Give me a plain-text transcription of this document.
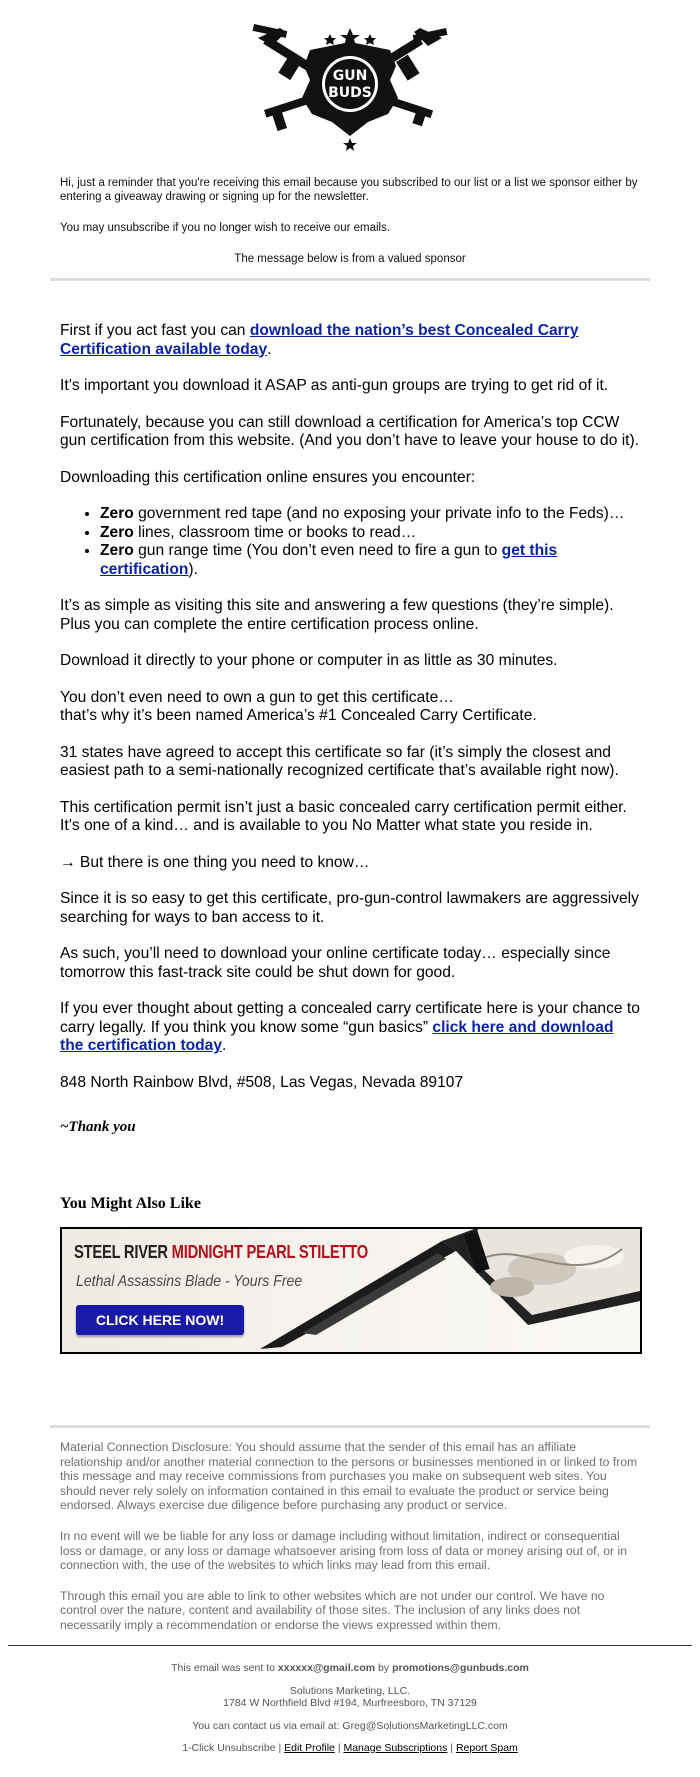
GUN
BUDS

Hi, just a reminder that you're receiving this email because you subscribed to our list or a list we sponsor either by entering a giveaway drawing or signing up for the newsletter.

You may unsubscribe if you no longer wish to receive our emails.

The message below is from a valued sponsor

First if you act fast you can download the nation’s best Concealed Carry Certification available today.

It’s important you download it ASAP as anti-gun groups are trying to get rid of it.

Fortunately, because you can still download a certification for America’s top CCW gun certification from this website. (And you don’t have to leave your house to do it).

Downloading this certification online ensures you encounter:

• Zero government red tape (and no exposing your private info to the Feds)…
• Zero lines, classroom time or books to read…
• Zero gun range time (You don’t even need to fire a gun to get this certification).

It’s as simple as visiting this site and answering a few questions (they’re simple). Plus you can complete the entire certification process online.

Download it directly to your phone or computer in as little as 30 minutes.

You don’t even need to own a gun to get this certificate…
that’s why it’s been named America’s #1 Concealed Carry Certificate.

31 states have agreed to accept this certificate so far (it’s simply the closest and easiest path to a semi-nationally recognized certificate that’s available right now).

This certification permit isn’t just a basic concealed carry certification permit either. It’s one of a kind… and is available to you No Matter what state you reside in.

→ But there is one thing you need to know…

Since it is so easy to get this certificate, pro-gun-control lawmakers are aggressively searching for ways to ban access to it.

As such, you’ll need to download your online certificate today… especially since tomorrow this fast-track site could be shut down for good.

If you ever thought about getting a concealed carry certificate here is your chance to carry legally. If you think you know some “gun basics” click here and download the certification today.

848 North Rainbow Blvd, #508, Las Vegas, Nevada 89107

~Thank you

You Might Also Like

STEEL RIVER MIDNIGHT PEARL STILETTO
Lethal Assassins Blade - Yours Free
CLICK HERE NOW!

Material Connection Disclosure: You should assume that the sender of this email has an affiliate relationship and/or another material connection to the persons or businesses mentioned in or linked to from this message and may receive commissions from purchases you make on subsequent web sites. You should never rely solely on information contained in this email to evaluate the product or service being endorsed. Always exercise due diligence before purchasing any product or service.

In no event will we be liable for any loss or damage including without limitation, indirect or consequential loss or damage, or any loss or damage whatsoever arising from loss of data or money arising out of, or in connection with, the use of the websites to which links may lead from this email.

Through this email you are able to link to other websites which are not under our control. We have no control over the nature, content and availability of those sites. The inclusion of any links does not necessarily imply a recommendation or endorse the views expressed within them.

This email was sent to xxxxxx@gmail.com by promotions@gunbuds.com

Solutions Marketing, LLC.
1784 W Northfield Blvd #194, Murfreesboro, TN 37129

You can contact us via email at: Greg@SolutionsMarketingLLC.com

1-Click Unsubscribe | Edit Profile | Manage Subscriptions | Report Spam
